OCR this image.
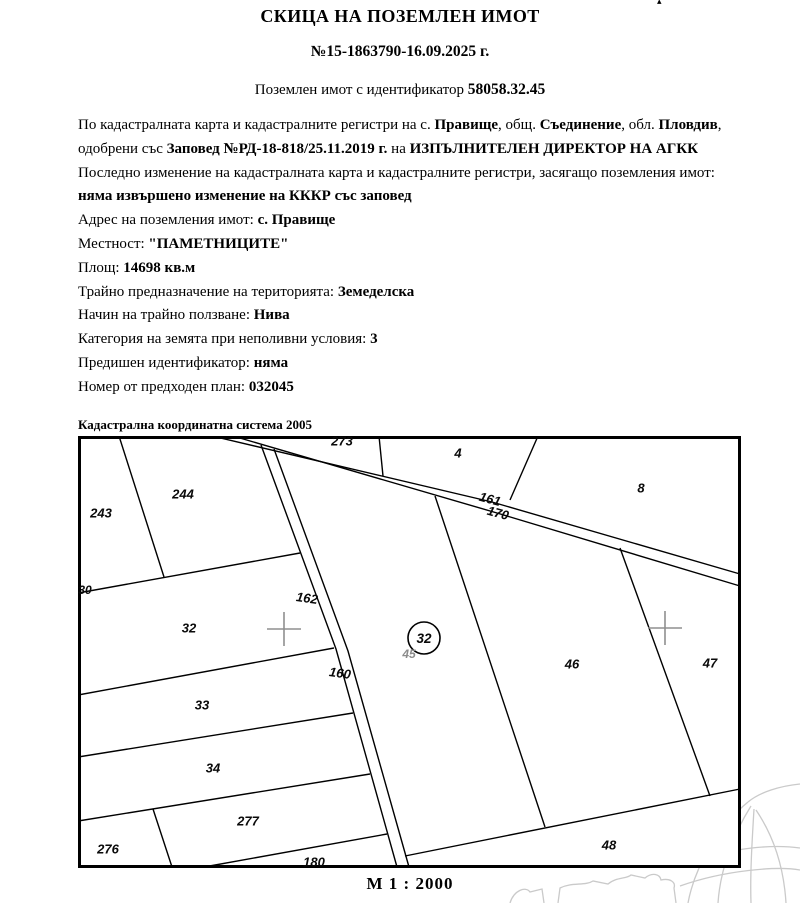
▴
СКИЦА НА ПОЗЕМЛЕН ИМОТ
№15-1863790-16.09.2025 г.
Поземлен имот с идентификатор 58058.32.45

По кадастралната карта и кадастралните регистри на с. Правище, общ. Съединение, обл. Пловдив, одобрени със Заповед №РД-18-818/25.11.2019 г. на ИЗПЪЛНИТЕЛЕН ДИРЕКТОР НА АГКК

Последно изменение на кадастралната карта и кадастралните регистри, засягащо поземления имот: няма извършено изменение на КККР със заповед

Адрес на поземления имот: с. Правище

Местност: "ПАМЕТНИЦИТЕ"

Площ: 14698 кв.м

Трайно предназначение на територията: Земеделска

Начин на трайно ползване: Нива

Категория на земята при неполивни условия: 3

Предишен идентификатор: няма

Номер от предходен план: 032045

Кадастрална координатна система 2005
32
243
244
273
4
8
161
170
30
32
162
160
33
34
277
276
180
45
46	47
48
М 1 : 2000
